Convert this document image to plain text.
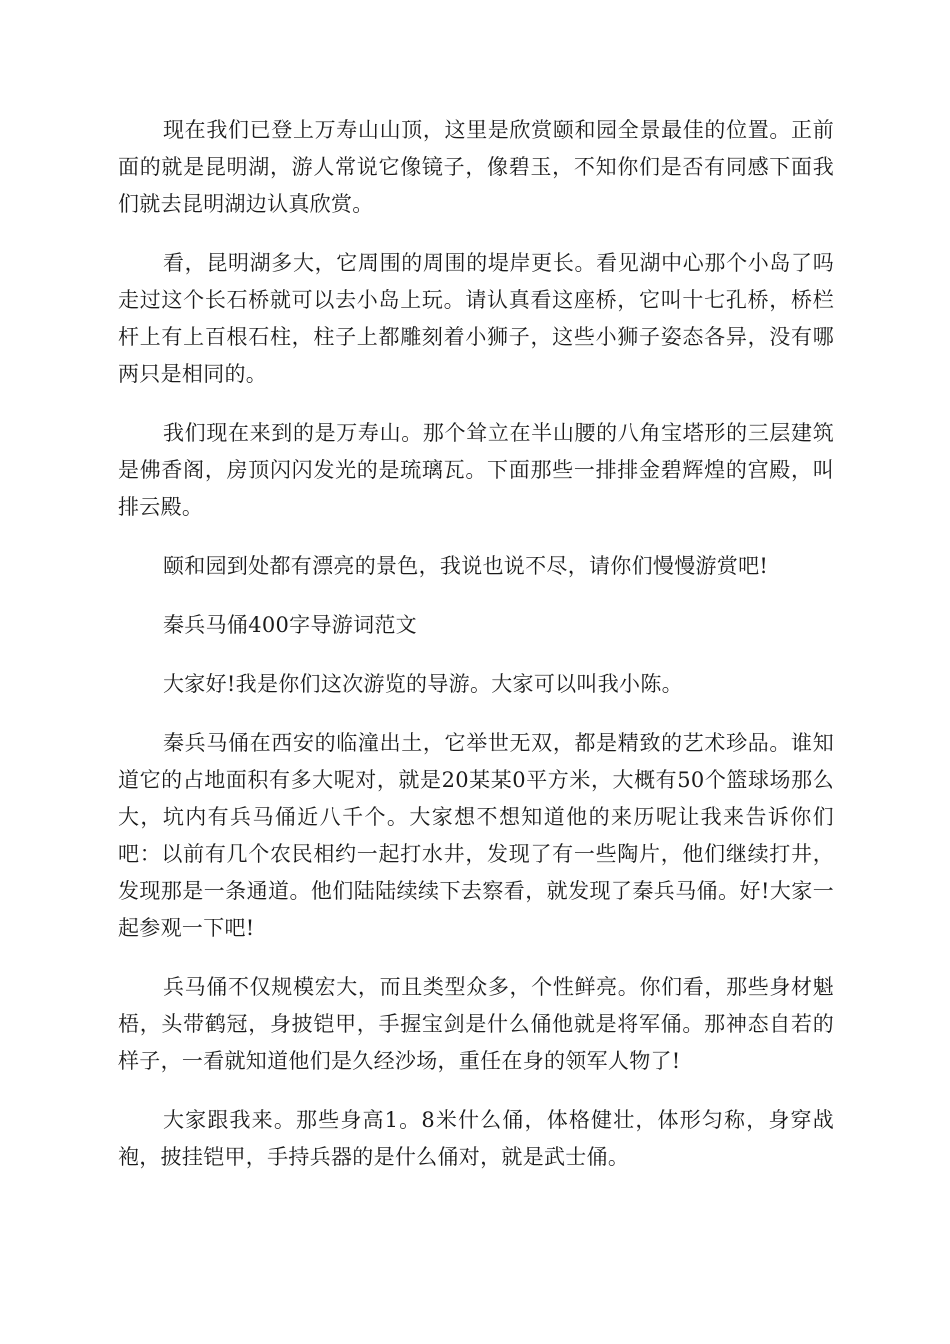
现在我们已登上万寿山山顶，这里是欣赏颐和园全景最佳的位置。正前面的就是昆明湖，游人常说它像镜子，像碧玉，不知你们是否有同感下面我们就去昆明湖边认真欣赏。

看，昆明湖多大，它周围的周围的堤岸更长。看见湖中心那个小岛了吗走过这个长石桥就可以去小岛上玩。请认真看这座桥，它叫十七孔桥，桥栏杆上有上百根石柱，柱子上都雕刻着小狮子，这些小狮子姿态各异，没有哪两只是相同的。

我们现在来到的是万寿山。那个耸立在半山腰的八角宝塔形的三层建筑是佛香阁，房顶闪闪发光的是琉璃瓦。下面那些一排排金碧辉煌的宫殿，叫排云殿。

颐和园到处都有漂亮的景色，我说也说不尽，请你们慢慢游赏吧!

秦兵马俑400字导游词范文

大家好!我是你们这次游览的导游。大家可以叫我小陈。

秦兵马俑在西安的临潼出土，它举世无双，都是精致的艺术珍品。谁知道它的占地面积有多大呢对，就是20某某0平方米，大概有50个篮球场那么大，坑内有兵马俑近八千个。大家想不想知道他的来历呢让我来告诉你们吧：以前有几个农民相约一起打水井，发现了有一些陶片，他们继续打井，发现那是一条通道。他们陆陆续续下去察看，就发现了秦兵马俑。好!大家一起参观一下吧!

兵马俑不仅规模宏大，而且类型众多，个性鲜亮。你们看，那些身材魁梧，头带鹤冠，身披铠甲，手握宝剑是什么俑他就是将军俑。那神态自若的样子，一看就知道他们是久经沙场，重任在身的领军人物了!

大家跟我来。那些身高1。8米什么俑，体格健壮，体形匀称，身穿战袍，披挂铠甲，手持兵器的是什么俑对，就是武士俑。
